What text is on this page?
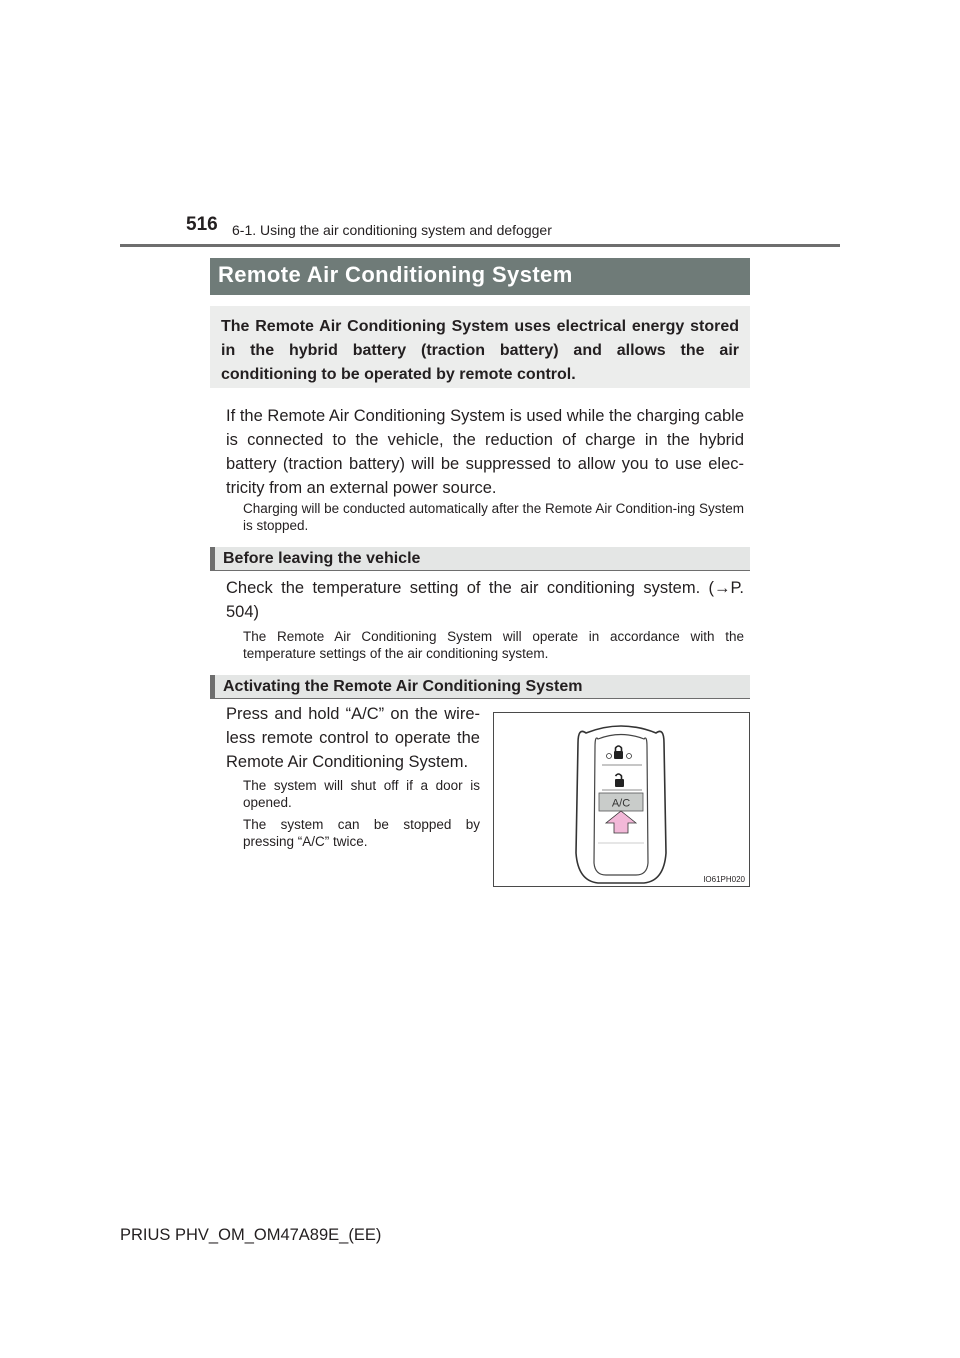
516 6-1. Using the air conditioning system and defogger
Remote Air Conditioning System
The Remote Air Conditioning System uses electrical energy stored in the hybrid battery (traction battery) and allows the air conditioning to be operated by remote control.
If the Remote Air Conditioning System is used while the charging cable is connected to the vehicle, the reduction of charge in the hybrid battery (traction battery) will be suppressed to allow you to use elec-tricity from an external power source.
Charging will be conducted automatically after the Remote Air Condition-ing System is stopped.
Before leaving the vehicle
Check the temperature setting of the air conditioning system. (→P. 504)
The Remote Air Conditioning System will operate in accordance with the temperature settings of the air conditioning system.
Activating the Remote Air Conditioning System
Press and hold “A/C” on the wire-less remote control to operate the Remote Air Conditioning System.
The system will shut off if a door is opened.
The system can be stopped by pressing “A/C” twice.
A/C
IO61PH020
PRIUS PHV_OM_OM47A89E_(EE)
